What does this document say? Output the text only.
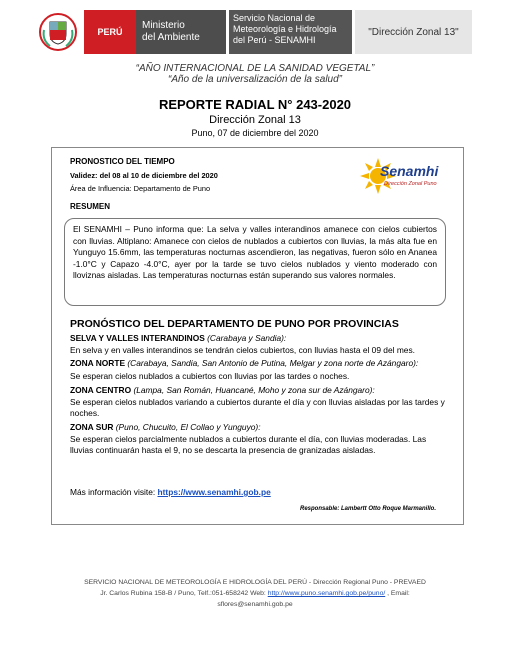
PERÚ
Ministerio
del Ambiente
Servicio Nacional de Meteorología e Hidrología del Perú - SENAMHI
"Dirección Zonal 13"
“AÑO INTERNACIONAL DE LA SANIDAD VEGETAL”
“Año de la universalización de la salud”
REPORTE RADIAL N° 243-2020
Dirección Zonal 13
Puno, 07 de diciembre del 2020
PRONOSTICO DEL TIEMPO
Validez: del 08 al 10 de diciembre del 2020
Área de Influencia: Departamento de Puno
RESUMEN
Senamhi
Dirección Zonal Puno
El SENAMHI – Puno informa que: La selva y valles interandinos amanece con cielos cubiertos con lluvias. Altiplano: Amanece con cielos de nublados a cubiertos con lluvias, la más alta fue en Yunguyo 15.6mm, las temperaturas nocturnas ascendieron, las negativas, fueron sólo en Ananea -1.0°C y Capazo -4.0°C, ayer por la tarde se tuvo cielos nublados y viento moderado con lloviznas aisladas. Las temperaturas nocturnas están superando sus valores normales.
PRONÓSTICO DEL DEPARTAMENTO DE PUNO POR PROVINCIAS
SELVA Y VALLES INTERANDINOS (Carabaya y Sandia):
En selva y en valles interandinos se tendrán cielos cubiertos, con lluvias hasta el 09 del mes.
ZONA NORTE (Carabaya, Sandia, San Antonio de Putina, Melgar y zona norte de Azángaro):
Se esperan cielos nublados a cubiertos con lluvias por las tardes o noches.
ZONA CENTRO (Lampa, San Román, Huancané, Moho y zona sur de Azángaro):
Se esperan cielos nublados variando a cubiertos durante el día y con lluvias aisladas por las tardes y noches.
ZONA SUR (Puno, Chucuito, El Collao y Yunguyo):
Se esperan cielos parcialmente nublados a cubiertos durante el día, con lluvias moderadas. Las lluvias continuarán hasta el 9, no se descarta la presencia de granizadas aisladas.
Más información visite: https://www.senamhi.gob.pe
Responsable: Lambertt Otto Roque Marmanillo.
SERVICIO NACIONAL DE METEOROLOGÍA E HIDROLOGÍA DEL PERÚ - Dirección Regional Puno - PREVAED
Jr. Carlos Rubina 158-B / Puno, Telf.:051-658242 Web: http://www.puno.senamhi.gob.pe/puno/ , Email:
sflores@senamhi.gob.pe
